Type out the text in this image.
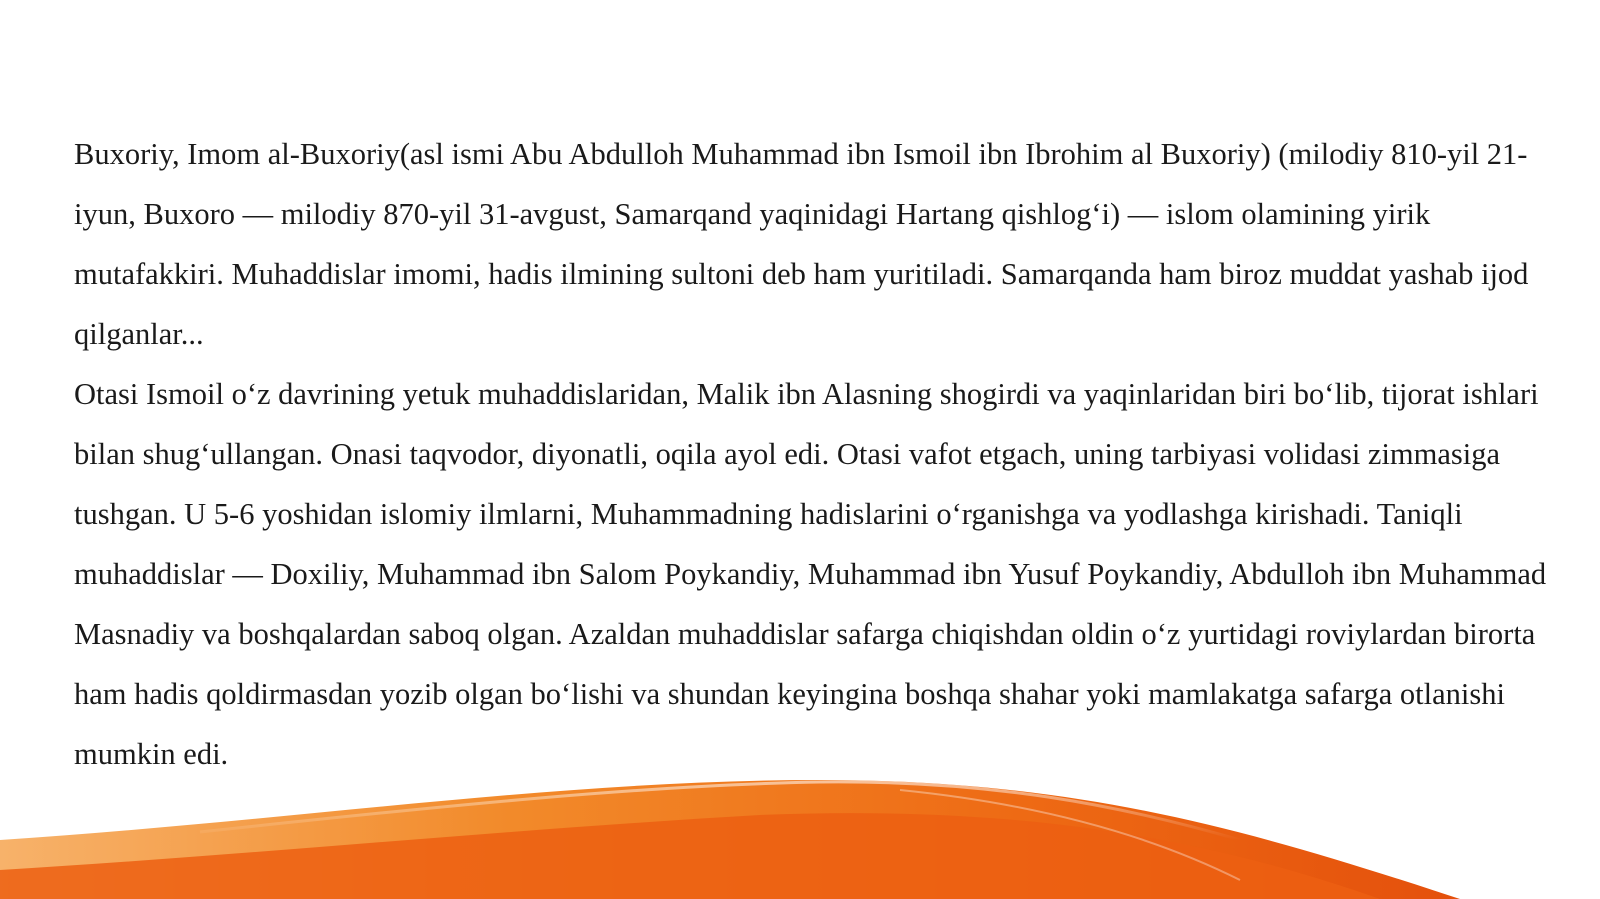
Buxoriy, Imom al-Buxoriy(asl ismi Abu Abdulloh Muhammad ibn Ismoil ibn Ibrohim al Buxoriy) (milodiy 810-yil 21-iyun, Buxoro — milodiy 870-yil 31-avgust, Samarqand yaqinidagi Hartang qishlogʻi) — islom olamining yirik mutafakkiri. Muhaddislar imomi, hadis ilmining sultoni deb ham yuritiladi. Samarqanda ham biroz muddat yashab ijod qilganlar...

Otasi Ismoil oʻz davrining yetuk muhaddislaridan, Malik ibn Alasning shogirdi va yaqinlaridan biri boʻlib, tijorat ishlari bilan shugʻullangan. Onasi taqvodor, diyonatli, oqila ayol edi. Otasi vafot etgach, uning tarbiyasi volidasi zimmasiga tushgan. U 5-6 yoshidan islomiy ilmlarni, Muhammadning hadislarini oʻrganishga va yodlashga kirishadi. Taniqli muhaddislar — Doxiliy, Muhammad ibn Salom Poykandiy, Muhammad ibn Yusuf Poykandiy, Abdulloh ibn Muhammad Masnadiy va boshqalardan saboq olgan. Azaldan muhaddislar safarga chiqishdan oldin oʻz yurtidagi roviylardan birorta ham hadis qoldirmasdan yozib olgan boʻlishi va shundan keyingina boshqa shahar yoki mamlakatga safarga otlanishi mumkin edi.
